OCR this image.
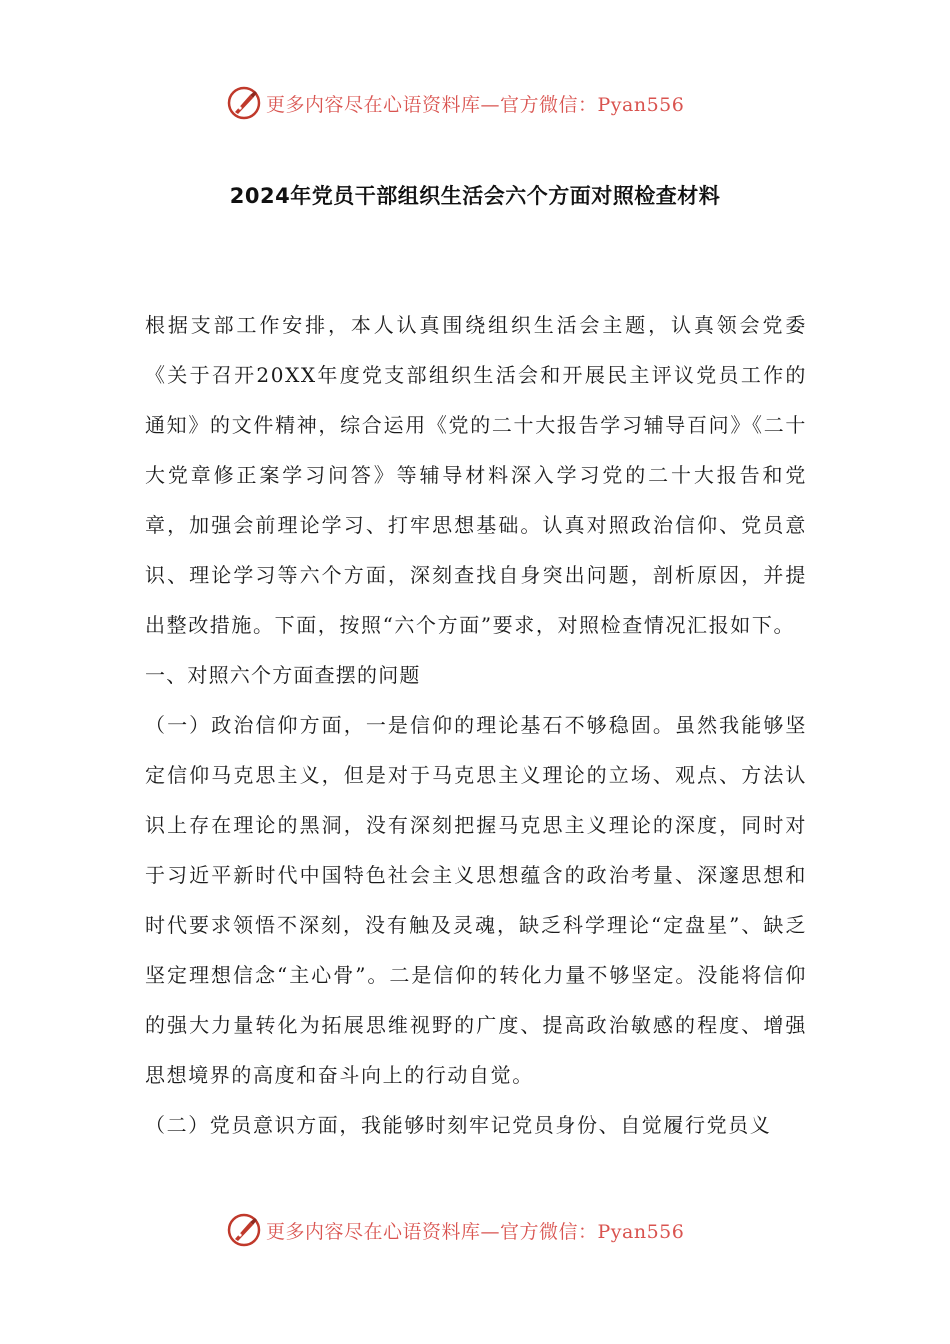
更多内容尽在心语资料库—官方微信：Pyan556
2024年党员干部组织生活会六个方面对照检查材料

根据支部工作安排，本人认真围绕组织生活会主题，认真领会党委《关于召开20XX年度党支部组织生活会和开展民主评议党员工作的通知》的文件精神，综合运用《党的二十大报告学习辅导百问》《二十大党章修正案学习问答》等辅导材料深入学习党的二十大报告和党章，加强会前理论学习、打牢思想基础。认真对照政治信仰、党员意识、理论学习等六个方面，深刻查找自身突出问题，剖析原因，并提出整改措施。下面，按照“六个方面”要求，对照检查情况汇报如下。

一、对照六个方面查摆的问题

（一）政治信仰方面，一是信仰的理论基石不够稳固。虽然我能够坚定信仰马克思主义，但是对于马克思主义理论的立场、观点、方法认识上存在理论的黑洞，没有深刻把握马克思主义理论的深度，同时对于习近平新时代中国特色社会主义思想蕴含的政治考量、深邃思想和时代要求领悟不深刻，没有触及灵魂，缺乏科学理论“定盘星”、缺乏坚定理想信念“主心骨”。二是信仰的转化力量不够坚定。没能将信仰的强大力量转化为拓展思维视野的广度、提高政治敏感的程度、增强思想境界的高度和奋斗向上的行动自觉。

（二）党员意识方面，我能够时刻牢记党员身份、自觉履行党员义

更多内容尽在心语资料库—官方微信：Pyan556
